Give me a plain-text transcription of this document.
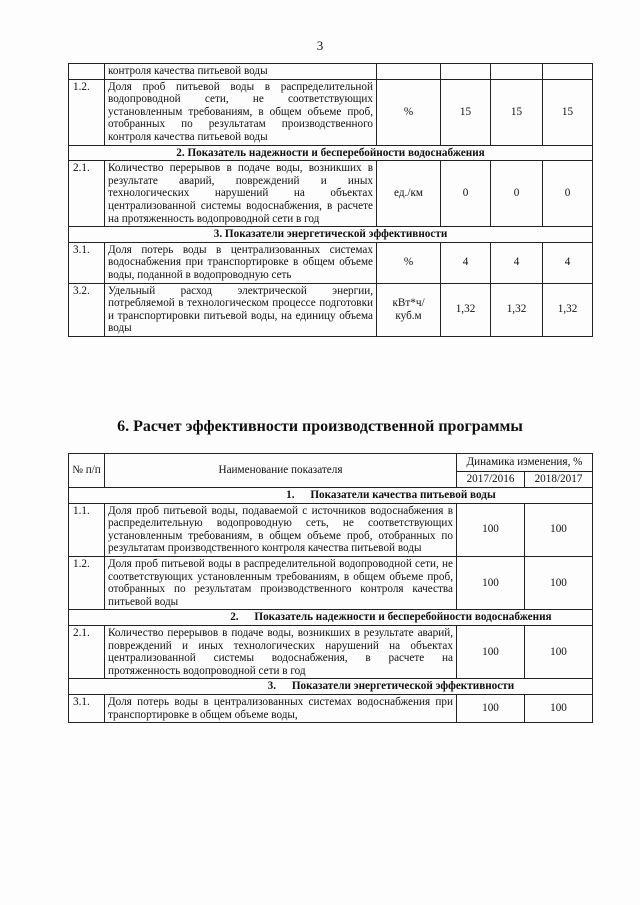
3
	контроля качества питьевой воды				
1.2.	Доля проб питьевой воды в распределительной водопроводной сети, не соответствующих установленным требованиям, в общем объеме проб, отобранных по результатам производственного контроля качества питьевой воды	%	15	15	15
2. Показатель надежности и бесперебойности водоснабжения					
2.1.	Количество перерывов в подаче воды, возникших в результате аварий, повреждений и иных технологических нарушений на объектах централизованной системы водоснабжения, в расчете на протяженность водопроводной сети в год	ед./км	0	0	0
3. Показатели энергетической эффективности					
3.1.	Доля потерь воды в централизованных системах водоснабжения при транспортировке в общем объеме воды, поданной в водопроводную сеть	%	4	4	4
3.2.	Удельный расход электрической энергии, потребляемой в технологическом процессе подготовки и транспортировки питьевой воды, на единицу объема воды	кВт*ч/ куб.м	1,32	1,32	1,32
6. Расчет эффективности производственной программы
№ п/п	Наименование показателя	Динамика изменения, %	
		2017/2016	2018/2017
1. Показатели качества питьевой воды			
1.1.	Доля проб питьевой воды, подаваемой с источников водоснабжения в распределительную водопроводную сеть, не соответствующих установленным требованиям, в общем объеме проб, отобранных по результатам производственного контроля качества питьевой воды	100	100
1.2.	Доля проб питьевой воды в распределительной водопроводной сети, не соответствующих установленным требованиям, в общем объеме проб, отобранных по результатам производственного контроля качества питьевой воды	100	100
2. Показатель надежности и бесперебойности водоснабжения			
2.1.	Количество перерывов в подаче воды, возникших в результате аварий, повреждений и иных технологических нарушений на объектах централизованной системы водоснабжения, в расчете на протяженность водопроводной сети в год	100	100
3. Показатели энергетической эффективности			
3.1.	Доля потерь воды в централизованных системах водоснабжения при транспортировке в общем объеме воды,	100	100
